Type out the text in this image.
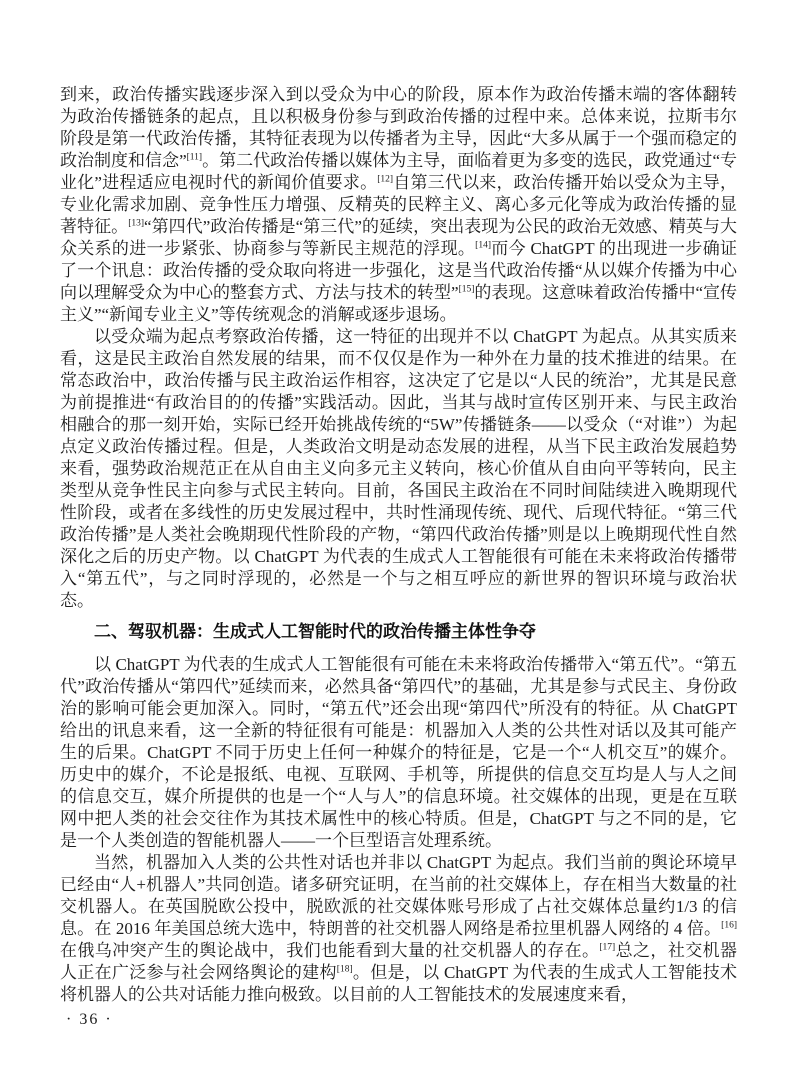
到来，政治传播实践逐步深入到以受众为中心的阶段，原本作为政治传播末端的客体翻转为政治传播链条的起点，且以积极身份参与到政治传播的过程中来。总体来说，拉斯韦尔阶段是第一代政治传播，其特征表现为以传播者为主导，因此“大多从属于一个强而稳定的政治制度和信念”[11]。第二代政治传播以媒体为主导，面临着更为多变的选民，政党通过“专业化”进程适应电视时代的新闻价值要求。[12]自第三代以来，政治传播开始以受众为主导，专业化需求加剧、竞争性压力增强、反精英的民粹主义、离心多元化等成为政治传播的显著特征。[13]“第四代”政治传播是“第三代”的延续，突出表现为公民的政治无效感、精英与大众关系的进一步紧张、协商参与等新民主规范的浮现。[14]而今 ChatGPT 的出现进一步确证了一个讯息：政治传播的受众取向将进一步强化，这是当代政治传播“从以媒介传播为中心向以理解受众为中心的整套方式、方法与技术的转型”[15]的表现。这意味着政治传播中“宣传主义”“新闻专业主义”等传统观念的消解或逐步退场。

以受众端为起点考察政治传播，这一特征的出现并不以 ChatGPT 为起点。从其实质来看，这是民主政治自然发展的结果，而不仅仅是作为一种外在力量的技术推进的结果。在常态政治中，政治传播与民主政治运作相容，这决定了它是以“人民的统治”，尤其是民意为前提推进“有政治目的的传播”实践活动。因此，当其与战时宣传区别开来、与民主政治相融合的那一刻开始，实际已经开始挑战传统的“5W”传播链条——以受众（“对谁”）为起点定义政治传播过程。但是，人类政治文明是动态发展的进程，从当下民主政治发展趋势来看，强势政治规范正在从自由主义向多元主义转向，核心价值从自由向平等转向，民主类型从竞争性民主向参与式民主转向。目前，各国民主政治在不同时间陆续进入晚期现代性阶段，或者在多线性的历史发展过程中，共时性涌现传统、现代、后现代特征。“第三代政治传播”是人类社会晚期现代性阶段的产物，“第四代政治传播”则是以上晚期现代性自然深化之后的历史产物。以 ChatGPT 为代表的生成式人工智能很有可能在未来将政治传播带入“第五代”，与之同时浮现的，必然是一个与之相互呼应的新世界的智识环境与政治状态。

二、驾驭机器：生成式人工智能时代的政治传播主体性争夺

以 ChatGPT 为代表的生成式人工智能很有可能在未来将政治传播带入“第五代”。“第五代”政治传播从“第四代”延续而来，必然具备“第四代”的基础，尤其是参与式民主、身份政治的影响可能会更加深入。同时，“第五代”还会出现“第四代”所没有的特征。从 ChatGPT 给出的讯息来看，这一全新的特征很有可能是：机器加入人类的公共性对话以及其可能产生的后果。ChatGPT 不同于历史上任何一种媒介的特征是，它是一个“人机交互”的媒介。历史中的媒介，不论是报纸、电视、互联网、手机等，所提供的信息交互均是人与人之间的信息交互，媒介所提供的也是一个“人与人”的信息环境。社交媒体的出现，更是在互联网中把人类的社会交往作为其技术属性中的核心特质。但是，ChatGPT 与之不同的是，它是一个人类创造的智能机器人——一个巨型语言处理系统。

当然，机器加入人类的公共性对话也并非以 ChatGPT 为起点。我们当前的舆论环境早已经由“人+机器人”共同创造。诸多研究证明，在当前的社交媒体上，存在相当大数量的社交机器人。在英国脱欧公投中，脱欧派的社交媒体账号形成了占社交媒体总量约1/3 的信息。在 2016 年美国总统大选中，特朗普的社交机器人网络是希拉里机器人网络的 4 倍。[16]在俄乌冲突产生的舆论战中，我们也能看到大量的社交机器人的存在。[17]总之，社交机器人正在广泛参与社会网络舆论的建构[18]。但是，以 ChatGPT 为代表的生成式人工智能技术将机器人的公共对话能力推向极致。以目前的人工智能技术的发展速度来看，

· 36 ·
